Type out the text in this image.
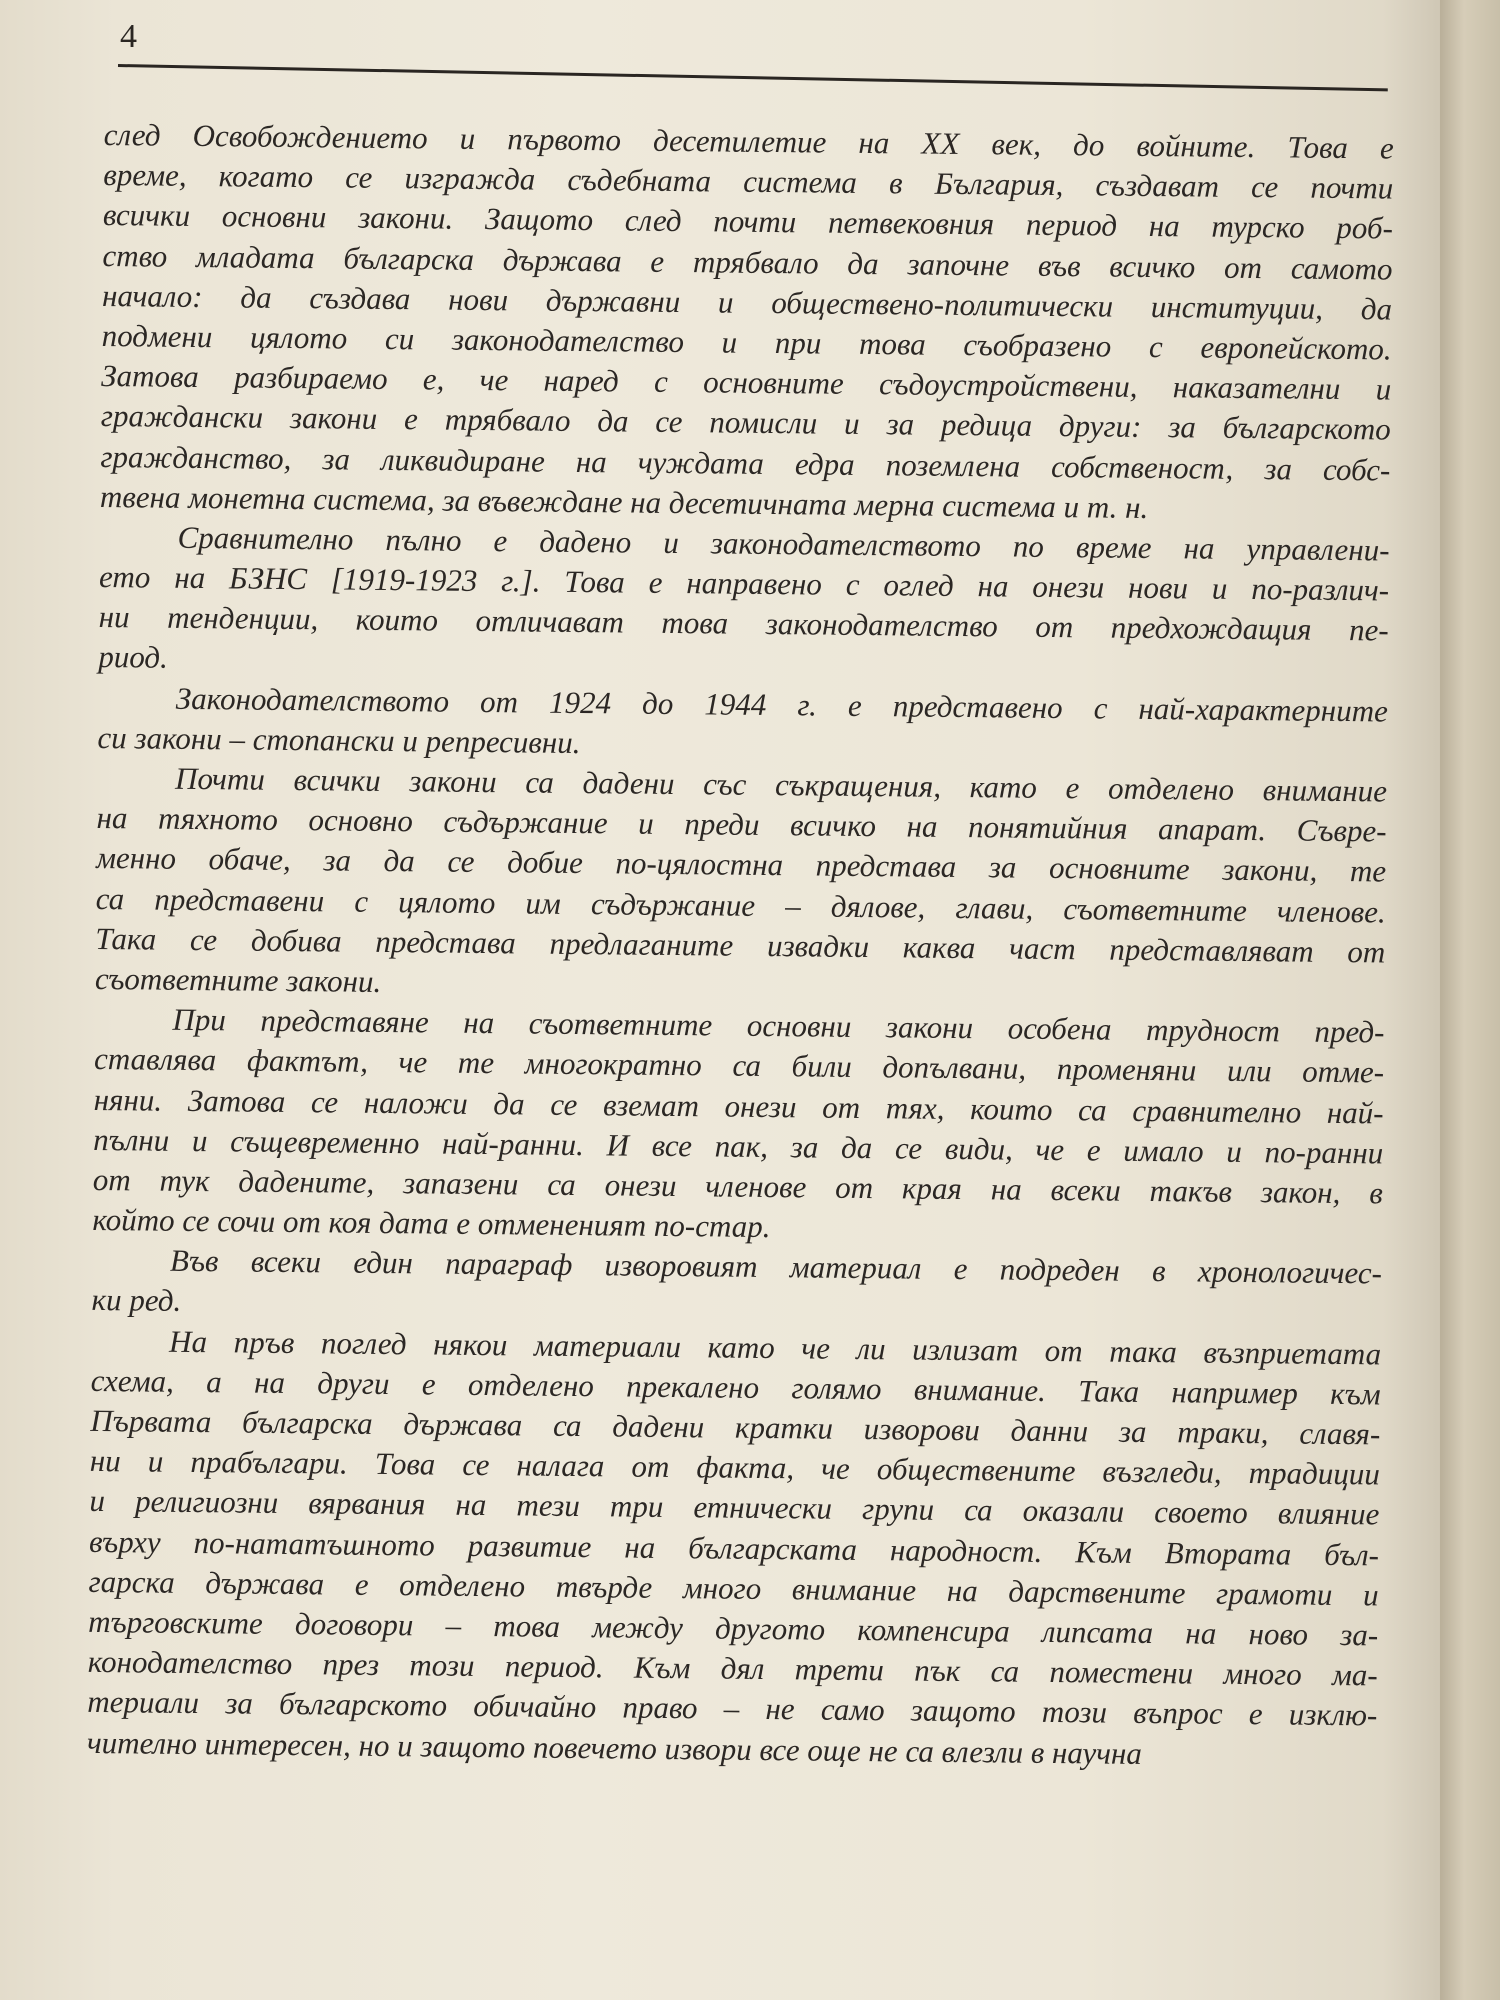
4
след Освобождението и първото десетилетие на XX век, до войните. Това е
време, когато се изгражда съдебната система в България, създават се почти
всички основни закони. Защото след почти петвековния период на турско роб-
ство младата българска държава е трябвало да започне във всичко от самото
начало: да създава нови държавни и обществено-политически институции, да
подмени цялото си законодателство и при това съобразено с европейското.
Затова разбираемо е, че наред с основните съдоустройствени, наказателни и
граждански закони е трябвало да се помисли и за редица други: за българското
гражданство, за ликвидиране на чуждата едра поземлена собственост, за собс-
твена монетна система, за въвеждане на десетичната мерна система и т. н.
Сравнително пълно е дадено и законодателството по време на управлени-
ето на БЗНС [1919-1923 г.]. Това е направено с оглед на онези нови и по-различ-
ни тенденции, които отличават това законодателство от предхождащия пе-
риод.
Законодателството от 1924 до 1944 г. е представено с най-характерните
си закони – стопански и репресивни.
Почти всички закони са дадени със съкращения, като е отделено внимание
на тяхното основно съдържание и преди всичко на понятийния апарат. Съвре-
менно обаче, за да се добие по-цялостна представа за основните закони, те
са представени с цялото им съдържание – дялове, глави, съответните членове.
Така се добива представа предлаганите извадки каква част представляват от
съответните закони.
При представяне на съответните основни закони особена трудност пред-
ставлява фактът, че те многократно са били допълвани, променяни или отме-
няни. Затова се наложи да се вземат онези от тях, които са сравнително най-
пълни и същевременно най-ранни. И все пак, за да се види, че е имало и по-ранни
от тук дадените, запазени са онези членове от края на всеки такъв закон, в
който се сочи от коя дата е отмененият по-стар.
Във всеки един параграф изворовият материал е подреден в хронологичес-
ки ред.
На пръв поглед някои материали като че ли излизат от така възприетата
схема, а на други е отделено прекалено голямо внимание. Така например към
Първата българска държава са дадени кратки изворови данни за траки, славя-
ни и прабългари. Това се налага от факта, че обществените възгледи, традиции
и религиозни вярвания на тези три етнически групи са оказали своето влияние
върху по-нататъшното развитие на българската народност. Към Втората бъл-
гарска държава е отделено твърде много внимание на дарствените грамоти и
търговските договори – това между другото компенсира липсата на ново за-
конодателство през този период. Към дял трети пък са поместени много ма-
териали за българското обичайно право – не само защото този въпрос е изклю-
чително интересен, но и защото повечето извори все още не са влезли в научна
